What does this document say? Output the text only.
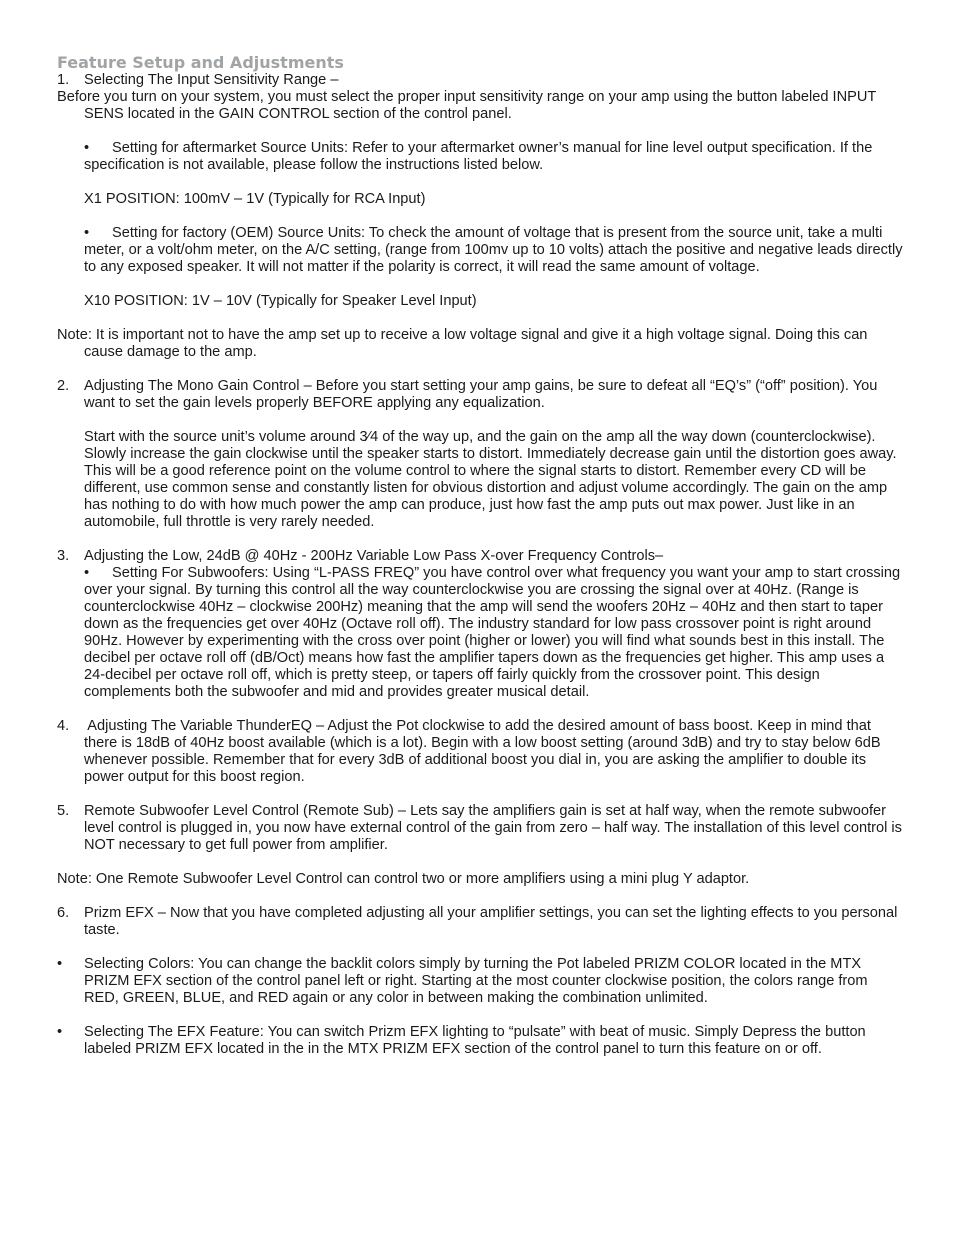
Feature Setup and Adjustments
1. Selecting The Input Sensitivity Range –
Before you turn on your system, you must select the proper input sensitivity range on your amp using the button labeled INPUT SENS located in the GAIN CONTROL section of the control panel.
• Setting for aftermarket Source Units: Refer to your aftermarket owner’s manual for line level output specification. If the specification is not available, please follow the instructions listed below.
X1 POSITION: 100mV – 1V (Typically for RCA Input)
• Setting for factory (OEM) Source Units: To check the amount of voltage that is present from the source unit, take a multi meter, or a volt/ohm meter, on the A/C setting, (range from 100mv up to 10 volts) attach the positive and negative leads directly to any exposed speaker. It will not matter if the polarity is correct, it will read the same amount of voltage.
X10 POSITION: 1V – 10V (Typically for Speaker Level Input)
Note: It is important not to have the amp set up to receive a low voltage signal and give it a high voltage signal. Doing this can cause damage to the amp.
2. Adjusting The Mono Gain Control – Before you start setting your amp gains, be sure to defeat all “EQ’s” (“off” position). You want to set the gain levels properly BEFORE applying any equalization.
Start with the source unit’s volume around 3⁄4 of the way up, and the gain on the amp all the way down (counterclockwise). Slowly increase the gain clockwise until the speaker starts to distort. Immediately decrease gain until the distortion goes away. This will be a good reference point on the volume control to where the signal starts to distort. Remember every CD will be different, use common sense and constantly listen for obvious distortion and adjust volume accordingly. The gain on the amp has nothing to do with how much power the amp can produce, just how fast the amp puts out max power. Just like in an automobile, full throttle is very rarely needed.
3. Adjusting the Low, 24dB @ 40Hz - 200Hz Variable Low Pass X-over Frequency Controls–
• Setting For Subwoofers: Using “L-PASS FREQ” you have control over what frequency you want your amp to start crossing over your signal. By turning this control all the way counterclockwise you are crossing the signal over at 40Hz. (Range is counterclockwise 40Hz – clockwise 200Hz) meaning that the amp will send the woofers 20Hz – 40Hz and then start to taper down as the frequencies get over 40Hz (Octave roll off). The industry standard for low pass crossover point is right around 90Hz. However by experimenting with the cross over point (higher or lower) you will find what sounds best in this install. The decibel per octave roll off (dB/Oct) means how fast the amplifier tapers down as the frequencies get higher. This amp uses a 24-decibel per octave roll off, which is pretty steep, or tapers off fairly quickly from the crossover point. This design complements both the subwoofer and mid and provides greater musical detail.
4. Adjusting The Variable ThunderEQ – Adjust the Pot clockwise to add the desired amount of bass boost. Keep in mind that there is 18dB of 40Hz boost available (which is a lot). Begin with a low boost setting (around 3dB) and try to stay below 6dB whenever possible. Remember that for every 3dB of additional boost you dial in, you are asking the amplifier to double its power output for this boost region.
5. Remote Subwoofer Level Control (Remote Sub) – Lets say the amplifiers gain is set at half way, when the remote subwoofer level control is plugged in, you now have external control of the gain from zero – half way. The installation of this level control is NOT necessary to get full power from amplifier.
Note: One Remote Subwoofer Level Control can control two or more amplifiers using a mini plug Y adaptor.
6. Prizm EFX – Now that you have completed adjusting all your amplifier settings, you can set the lighting effects to you personal taste.
• Selecting Colors: You can change the backlit colors simply by turning the Pot labeled PRIZM COLOR located in the MTX PRIZM EFX section of the control panel left or right. Starting at the most counter clockwise position, the colors range from RED, GREEN, BLUE, and RED again or any color in between making the combination unlimited.
• Selecting The EFX Feature: You can switch Prizm EFX lighting to “pulsate” with beat of music. Simply Depress the button labeled PRIZM EFX located in the in the MTX PRIZM EFX section of the control panel to turn this feature on or off.
